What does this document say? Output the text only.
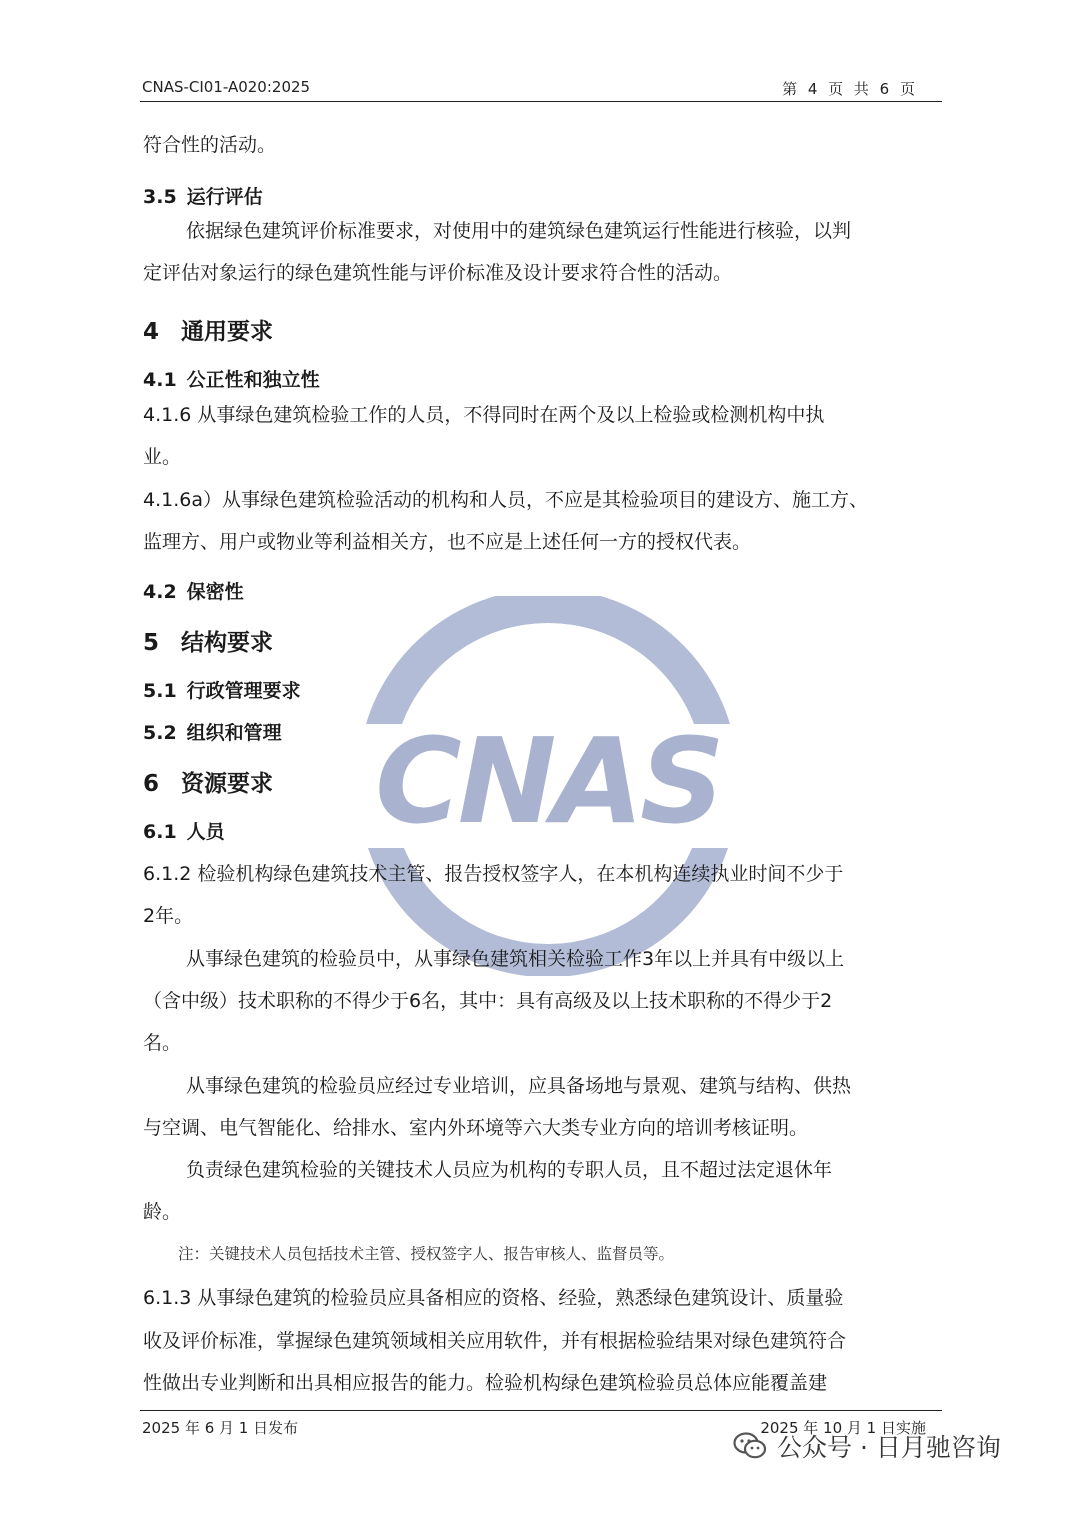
CNAS
CNAS-CI01-A020:2025	第 4 页 共 6 页
符合性的活动。
3.5 运行评估
依据绿色建筑评价标准要求，对使用中的建筑绿色建筑运行性能进行核验，以判
定评估对象运行的绿色建筑性能与评价标准及设计要求符合性的活动。
4 通用要求
4.1 公正性和独立性
4.1.6 从事绿色建筑检验工作的人员，不得同时在两个及以上检验或检测机构中执
业。
4.1.6a）从事绿色建筑检验活动的机构和人员，不应是其检验项目的建设方、施工方、
监理方、用户或物业等利益相关方，也不应是上述任何一方的授权代表。
4.2 保密性
5 结构要求
5.1 行政管理要求
5.2 组织和管理
6 资源要求
6.1 人员
6.1.2 检验机构绿色建筑技术主管、报告授权签字人，在本机构连续执业时间不少于
2年。
从事绿色建筑的检验员中，从事绿色建筑相关检验工作3年以上并具有中级以上
（含中级）技术职称的不得少于6名，其中：具有高级及以上技术职称的不得少于2
名。
从事绿色建筑的检验员应经过专业培训，应具备场地与景观、建筑与结构、供热
与空调、电气智能化、给排水、室内外环境等六大类专业方向的培训考核证明。
负责绿色建筑检验的关键技术人员应为机构的专职人员，且不超过法定退休年
龄。
注：关键技术人员包括技术主管、授权签字人、报告审核人、监督员等。
6.1.3 从事绿色建筑的检验员应具备相应的资格、经验，熟悉绿色建筑设计、质量验
收及评价标准，掌握绿色建筑领域相关应用软件，并有根据检验结果对绿色建筑符合
性做出专业判断和出具相应报告的能力。检验机构绿色建筑检验员总体应能覆盖建
2025 年 6 月 1 日发布	2025 年 10 月 1 日实施
公众号 · 日月驰咨询
